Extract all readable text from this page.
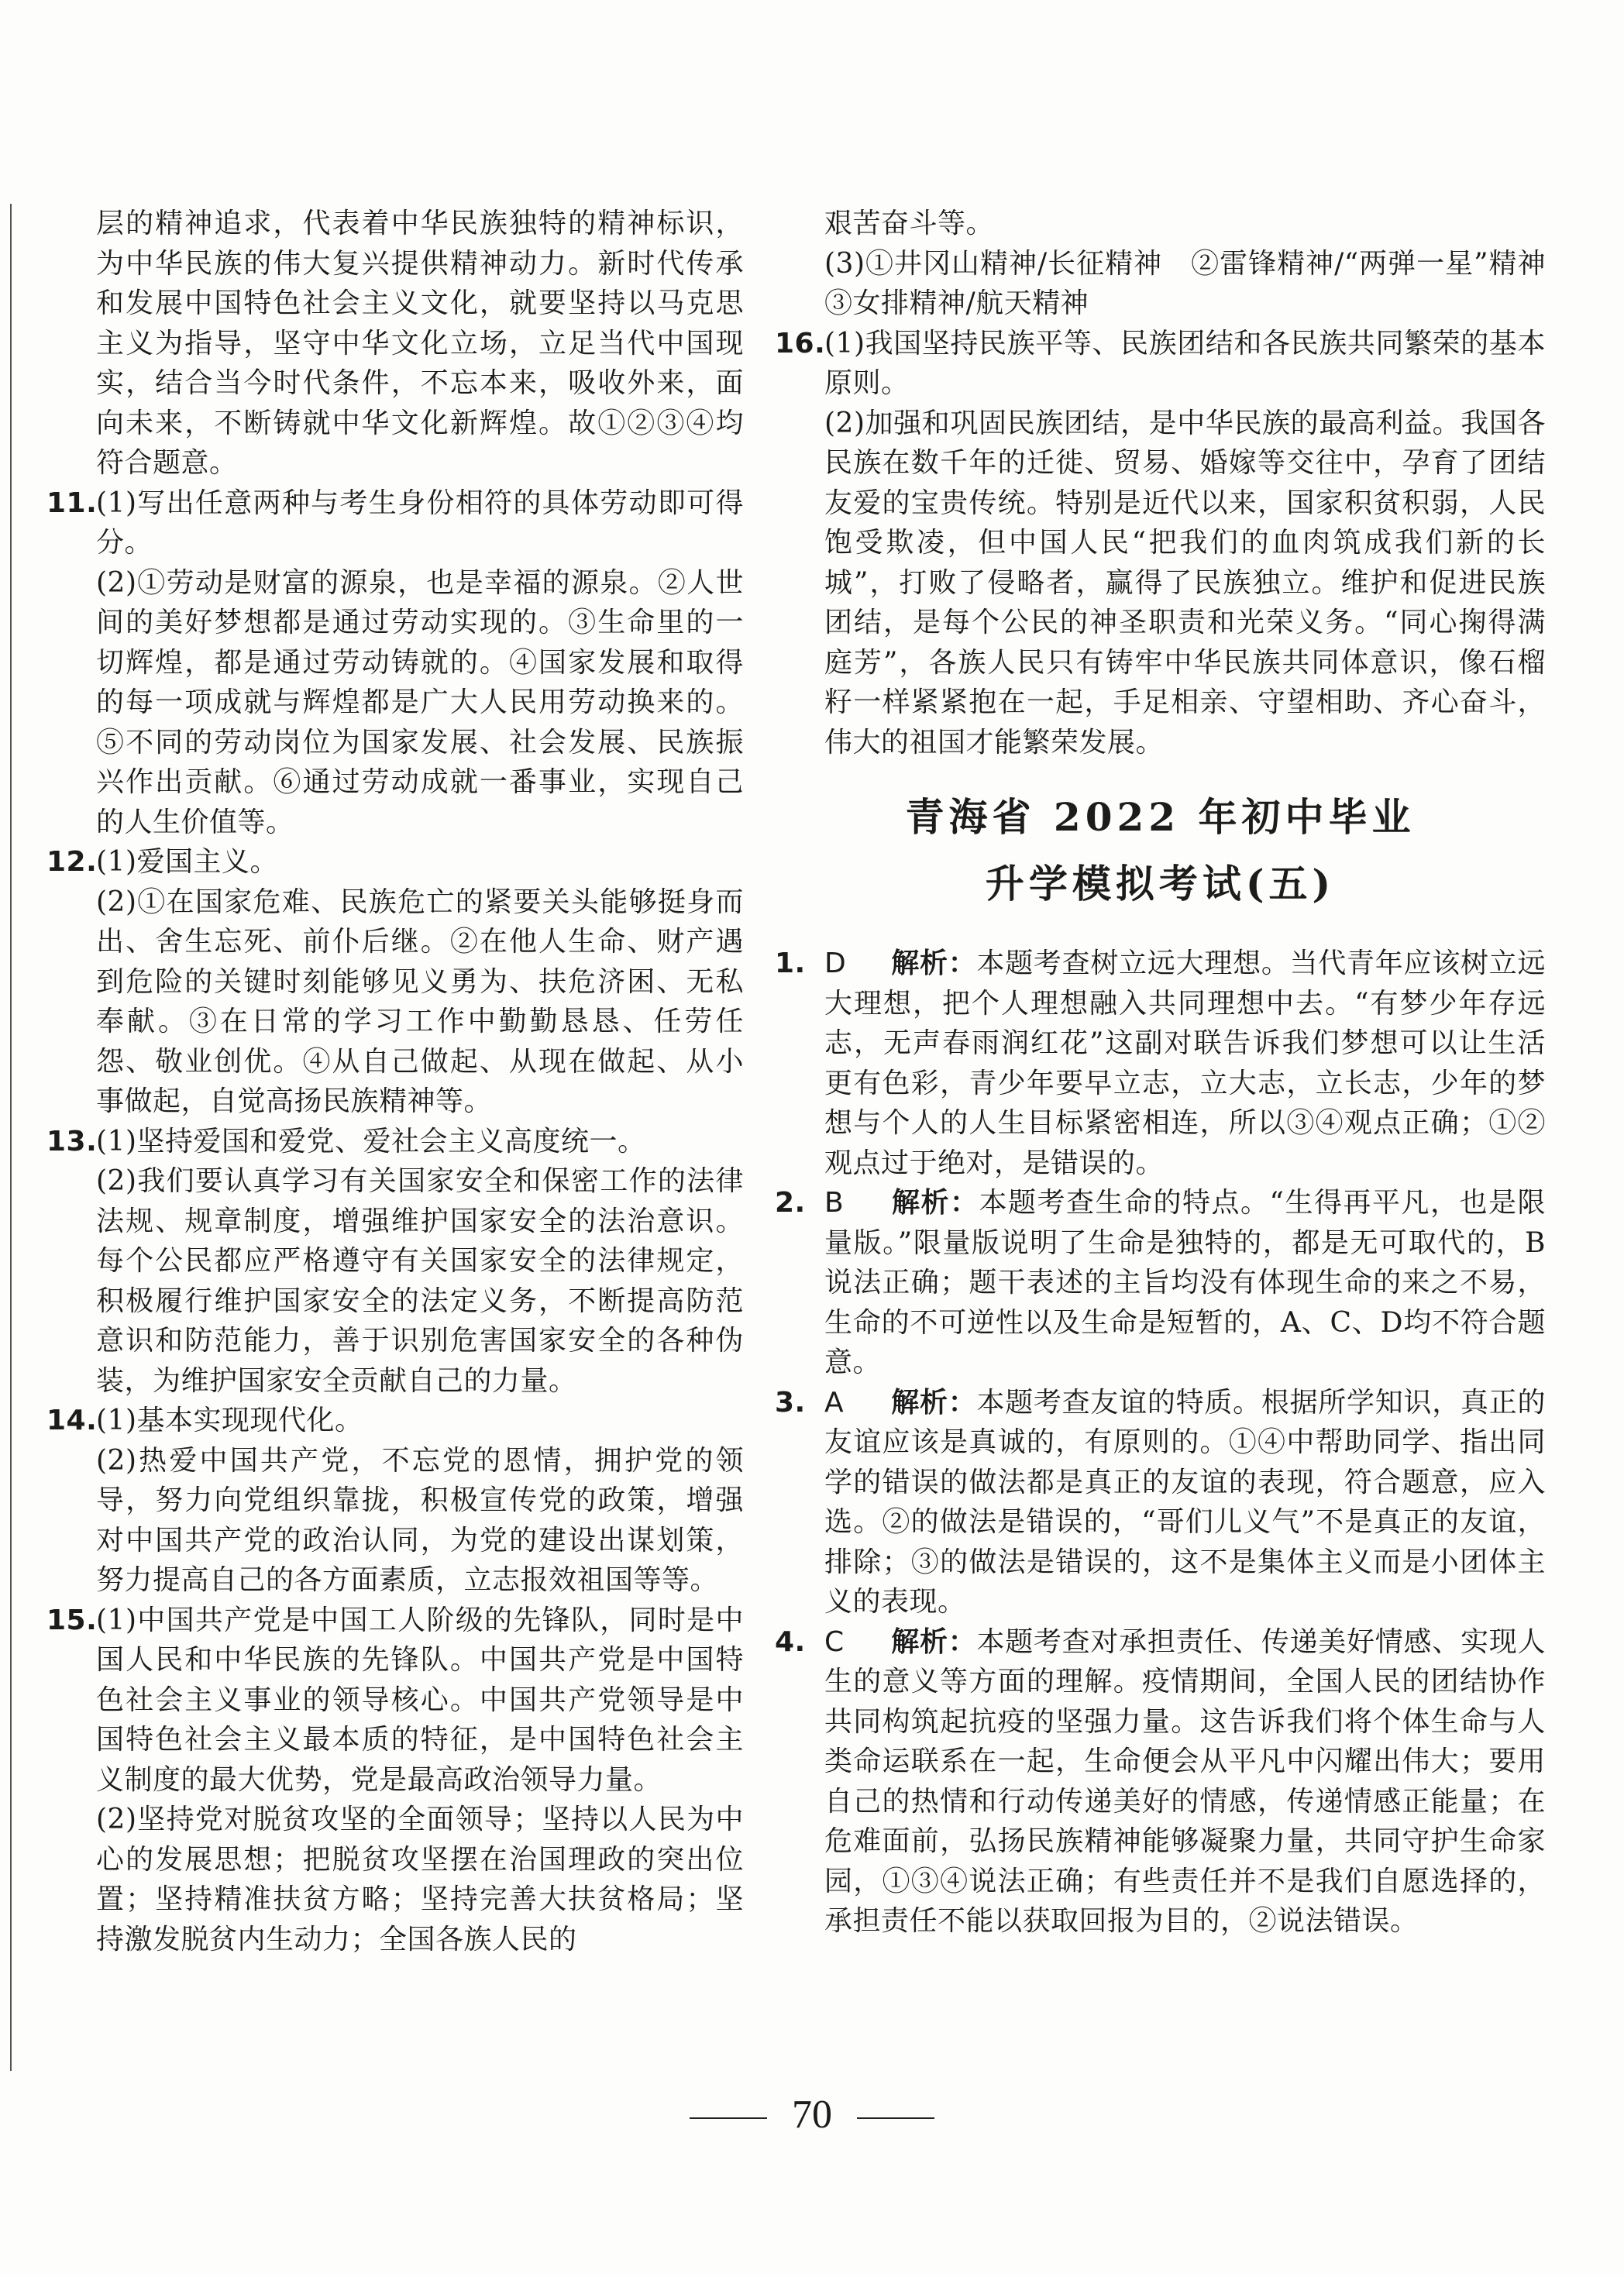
层的精神追求，代表着中华民族独特的精神标识，为中华民族的伟大复兴提供精神动力。新时代传承和发展中国特色社会主义文化，就要坚持以马克思主义为指导，坚守中华文化立场，立足当代中国现实，结合当今时代条件，不忘本来，吸收外来，面向未来，不断铸就中华文化新辉煌。故①②③④均符合题意。

11.

(1)写出任意两种与考生身份相符的具体劳动即可得分。

(2)①劳动是财富的源泉，也是幸福的源泉。②人世间的美好梦想都是通过劳动实现的。③生命里的一切辉煌，都是通过劳动铸就的。④国家发展和取得的每一项成就与辉煌都是广大人民用劳动换来的。⑤不同的劳动岗位为国家发展、社会发展、民族振兴作出贡献。⑥通过劳动成就一番事业，实现自己的人生价值等。

12.

(1)爱国主义。

(2)①在国家危难、民族危亡的紧要关头能够挺身而出、舍生忘死、前仆后继。②在他人生命、财产遇到危险的关键时刻能够见义勇为、扶危济困、无私奉献。③在日常的学习工作中勤勤恳恳、任劳任怨、敬业创优。④从自己做起、从现在做起、从小事做起，自觉高扬民族精神等。

13.

(1)坚持爱国和爱党、爱社会主义高度统一。

(2)我们要认真学习有关国家安全和保密工作的法律法规、规章制度，增强维护国家安全的法治意识。每个公民都应严格遵守有关国家安全的法律规定，积极履行维护国家安全的法定义务，不断提高防范意识和防范能力，善于识别危害国家安全的各种伪装，为维护国家安全贡献自己的力量。

14.

(1)基本实现现代化。

(2)热爱中国共产党，不忘党的恩情，拥护党的领导，努力向党组织靠拢，积极宣传党的政策，增强对中国共产党的政治认同，为党的建设出谋划策，努力提高自己的各方面素质，立志报效祖国等等。

15.

(1)中国共产党是中国工人阶级的先锋队，同时是中国人民和中华民族的先锋队。中国共产党是中国特色社会主义事业的领导核心。中国共产党领导是中国特色社会主义最本质的特征，是中国特色社会主义制度的最大优势，党是最高政治领导力量。

(2)坚持党对脱贫攻坚的全面领导；坚持以人民为中心的发展思想；把脱贫攻坚摆在治国理政的突出位置；坚持精准扶贫方略；坚持完善大扶贫格局；坚持激发脱贫内生动力；全国各族人民的

艰苦奋斗等。

(3)①井冈山精神/长征精神　②雷锋精神/“两弹一星”精神　③女排精神/航天精神

16.

(1)我国坚持民族平等、民族团结和各民族共同繁荣的基本原则。

(2)加强和巩固民族团结，是中华民族的最高利益。我国各民族在数千年的迁徙、贸易、婚嫁等交往中，孕育了团结友爱的宝贵传统。特别是近代以来，国家积贫积弱，人民饱受欺凌，但中国人民“把我们的血肉筑成我们新的长城”，打败了侵略者，赢得了民族独立。维护和促进民族团结，是每个公民的神圣职责和光荣义务。“同心掬得满庭芳”，各族人民只有铸牢中华民族共同体意识，像石榴籽一样紧紧抱在一起，手足相亲、守望相助、齐心奋斗，伟大的祖国才能繁荣发展。

青海省 2022 年初中毕业
升学模拟考试(五)
1. D 解析：本题考查树立远大理想。当代青年应该树立远大理想，把个人理想融入共同理想中去。“有梦少年存远志，无声春雨润红花”这副对联告诉我们梦想可以让生活更有色彩，青少年要早立志，立大志，立长志，少年的梦想与个人的人生目标紧密相连，所以③④观点正确；①②观点过于绝对，是错误的。

2. B 解析：本题考查生命的特点。“生得再平凡，也是限量版。”限量版说明了生命是独特的，都是无可取代的，B说法正确；题干表述的主旨均没有体现生命的来之不易，生命的不可逆性以及生命是短暂的，A、C、D均不符合题意。

3. A 解析：本题考查友谊的特质。根据所学知识，真正的友谊应该是真诚的，有原则的。①④中帮助同学、指出同学的错误的做法都是真正的友谊的表现，符合题意，应入选。②的做法是错误的，“哥们儿义气”不是真正的友谊，排除；③的做法是错误的，这不是集体主义而是小团体主义的表现。

4. C 解析：本题考查对承担责任、传递美好情感、实现人生的意义等方面的理解。疫情期间，全国人民的团结协作共同构筑起抗疫的坚强力量。这告诉我们将个体生命与人类命运联系在一起，生命便会从平凡中闪耀出伟大；要用自己的热情和行动传递美好的情感，传递情感正能量；在危难面前，弘扬民族精神能够凝聚力量，共同守护生命家园，①③④说法正确；有些责任并不是我们自愿选择的，承担责任不能以获取回报为目的，②说法错误。

70
